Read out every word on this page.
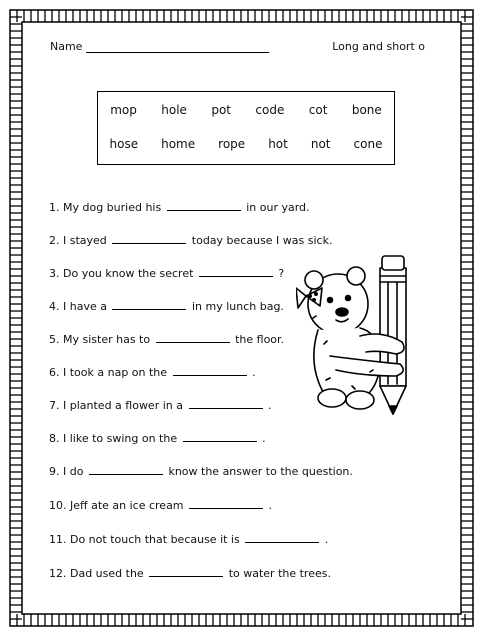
Name	Long and short o
mop hole pot code cot bone
hose home rope hot not cone
1. My dog buried his	in our yard.
2. I stayed	today because I was sick.
3. Do you know the secret	?
4. I have a	in my lunch bag.
5. My sister has to	the floor.
6. I took a nap on the	.
7. I planted a flower in a	.
8. I like to swing on the	.
9. I do	know the answer to the question.
10. Jeff ate an ice cream	.
11. Do not touch that because it is	.
12. Dad used the	to water the trees.
